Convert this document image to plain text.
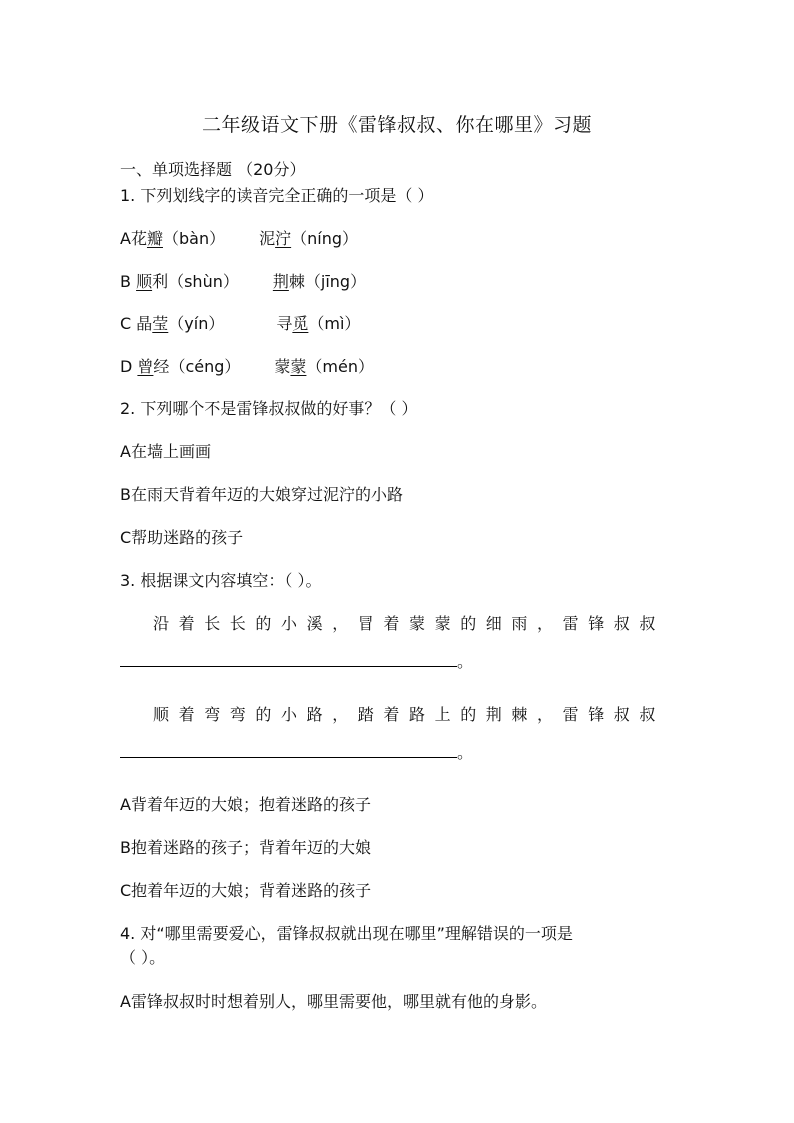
二年级语文下册《雷锋叔叔、你在哪里》习题
一、单项选择题 （20分）
1. 下列划线字的读音完全正确的一项是（ ）
A花瓣（bàn） 泥泞（níng）
B 顺利（shùn） 荆棘（jīng）
C 晶莹（yín）	寻觅（mì）
D 曾经（céng） 蒙蒙（mén）
2. 下列哪个不是雷锋叔叔做的好事？（ ）
A在墙上画画
B在雨天背着年迈的大娘穿过泥泞的小路
C帮助迷路的孩子
3. 根据课文内容填空：（ ）。
沿着长长的小溪，冒着蒙蒙的细雨，雷锋叔叔
。
顺着弯弯的小路，踏着路上的荆棘，雷锋叔叔
。
A背着年迈的大娘；抱着迷路的孩子
B抱着迷路的孩子；背着年迈的大娘
C抱着年迈的大娘；背着迷路的孩子
4. 对“哪里需要爱心，雷锋叔叔就出现在哪里”理解错误的一项是
（ ）。
A雷锋叔叔时时想着别人，哪里需要他，哪里就有他的身影。
